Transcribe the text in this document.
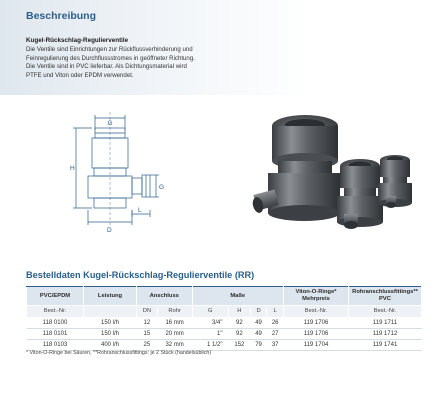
Beschreibung
Kugel-Rückschlag-Regulierventile
Die Ventile sind Einrichtungen zur Rückflussverhinderung und
Feinregulierung des Durchflussstromes in geöffneter Richtung.
Die Ventile sind in PVC lieferbar. Als Dichtungsmaterial wird
PTFE und Viton oder EPDM verwendet.
G
H
G
L
D
Bestelldaten Kugel-Rückschlag-Regulierventile (RR)
PVC/EPDM	Leistung	Anschluss		Maße				Viton-O-Ringe* Mehrpreis	Rohranschlussfittings** PVC
Best.-Nr.		DN	Rohr	G	H	D	L	Best.-Nr.	Best.-Nr.
118 0100	150 l/h	12	16 mm	3/4"	92	49	26	119 1706	119 1711
118 0101	150 l/h	15	20 mm	1"	92	49	27	119 1706	119 1712
118 0103	400 l/h	25	32 mm	1 1/2"	152	79	37	119 1704	119 1741
* Viton-O-Ringe bei Säuren, **Rohranschlussfittings: je 2 Stück (handelsüblich)
